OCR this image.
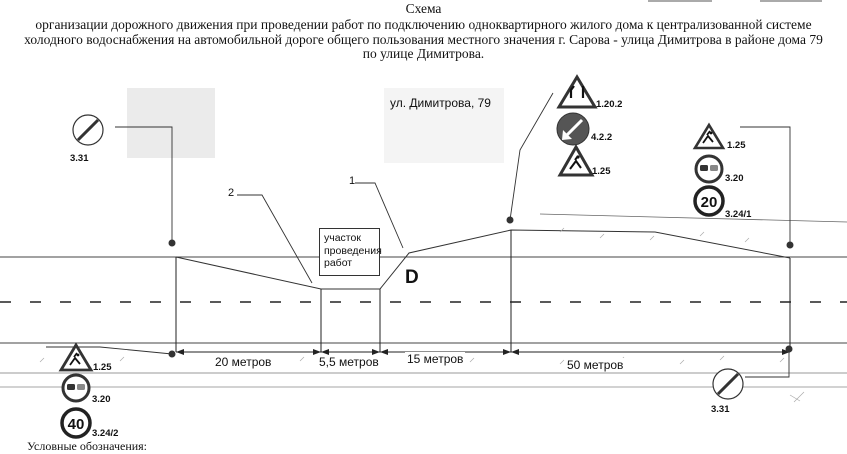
Схема
организации дорожного движения при проведении работ по подключению одноквартирного жилого дома к централизованной системе
холодного водоснабжения на автомобильной дороге общего пользования местного значения г. Сарова - улица Димитрова в районе дома 79
по улице Димитрова.
D
20
40
ул. Димитрова, 79
участок
проведения
работ
1
2
20 метров	5,5 метров 15 метров	50 метров
3.31
1.20.2
4.2.2
1.25
1.25
3.20
3.24/1
1.25
3.20
3.24/2
3.31
Условные обозначения:
